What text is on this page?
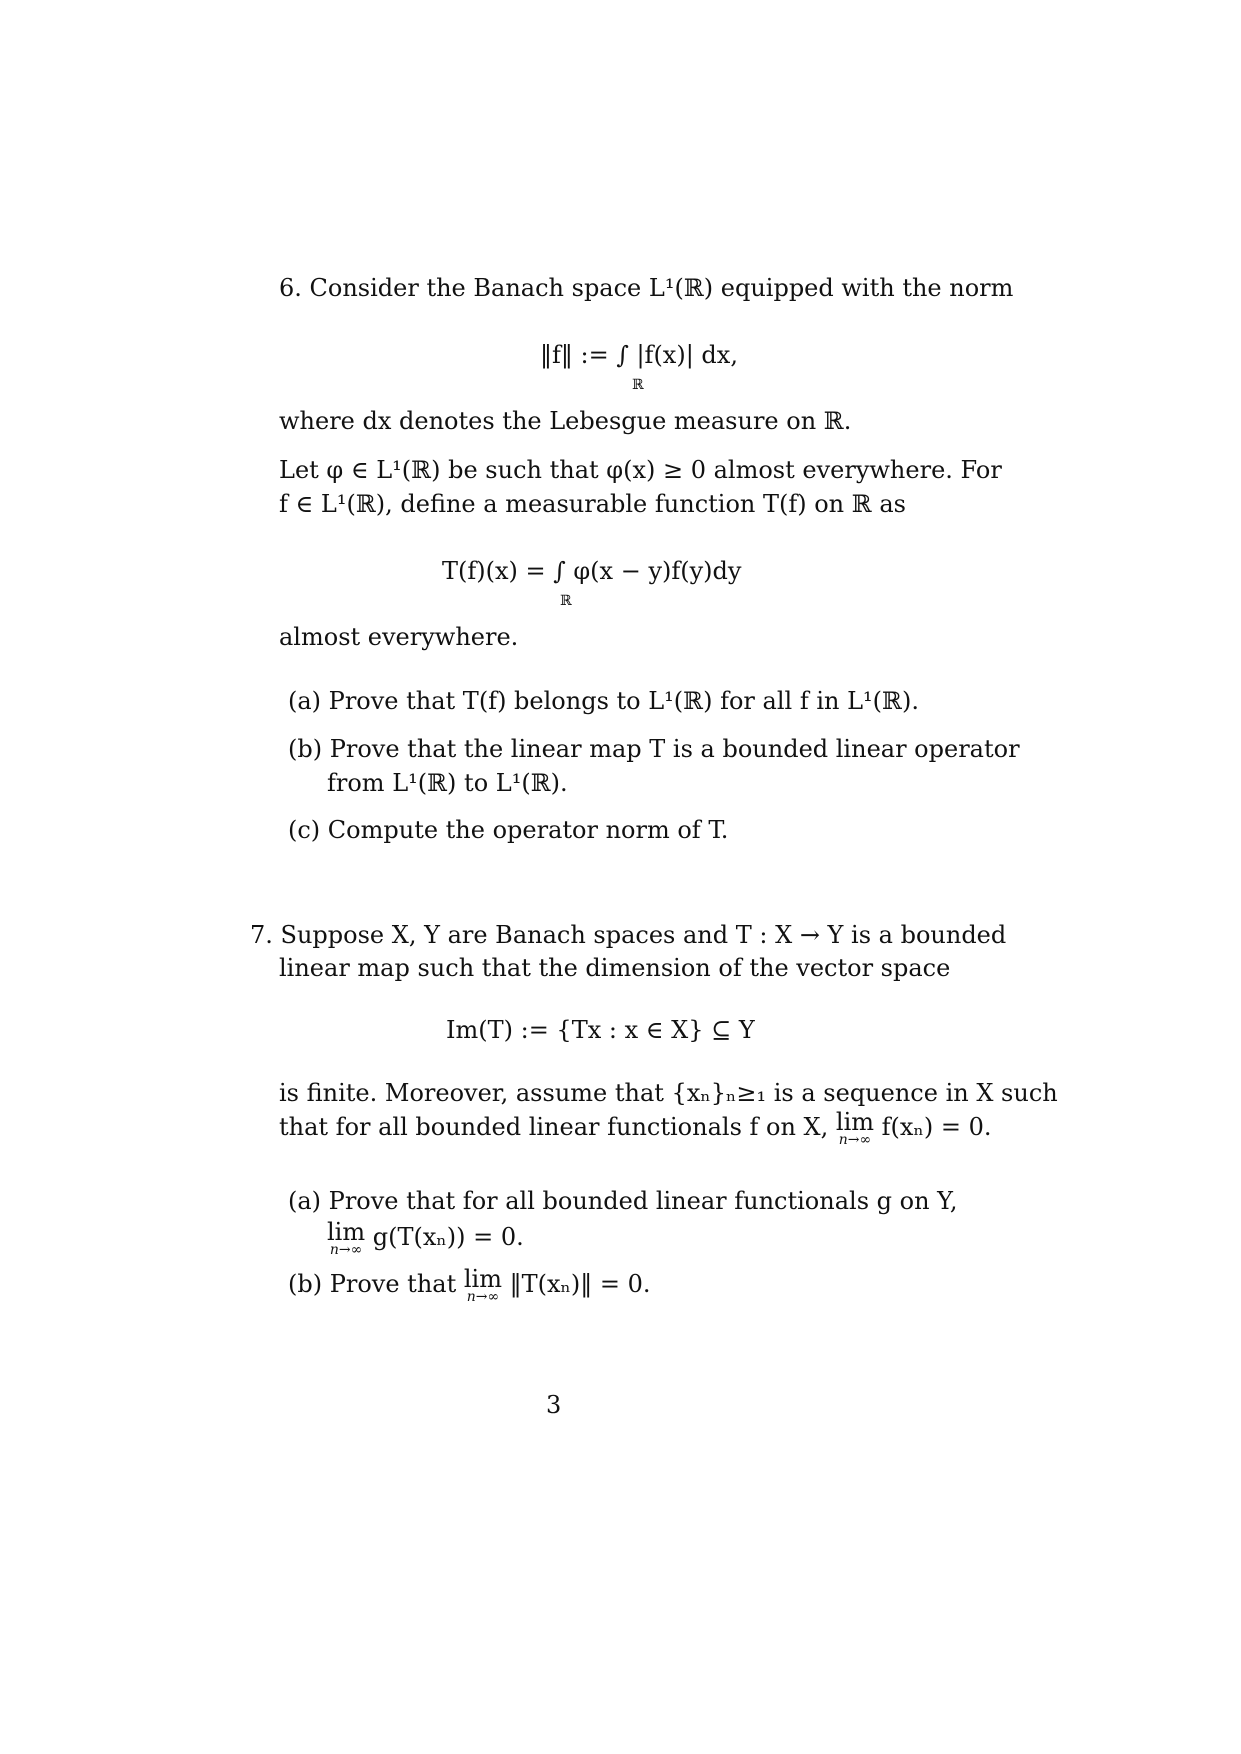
6. Consider the Banach space L¹(ℝ) equipped with the norm
‖f‖ := ∫ |f(x)| dx,
ℝ
where dx denotes the Lebesgue measure on ℝ.
Let φ ∈ L¹(ℝ) be such that φ(x) ≥ 0 almost everywhere. For
f ∈ L¹(ℝ), define a measurable function T(f) on ℝ as
T(f)(x) = ∫ φ(x − y)f(y)dy
ℝ
almost everywhere.
(a) Prove that T(f) belongs to L¹(ℝ) for all f in L¹(ℝ).
(b) Prove that the linear map T is a bounded linear operator
from L¹(ℝ) to L¹(ℝ).
(c) Compute the operator norm of T.
7. Suppose X, Y are Banach spaces and T : X → Y is a bounded
linear map such that the dimension of the vector space
Im(T) := {Tx : x ∈ X} ⊆ Y
is finite. Moreover, assume that {xₙ}ₙ≥₁ is a sequence in X such
that for all bounded linear functionals f on X, lim
n→∞ f(xₙ) = 0.
(a) Prove that for all bounded linear functionals g on Y,
lim
n→∞ g(T(xₙ)) = 0.
(b) Prove that lim
n→∞ ‖T(xₙ)‖ = 0.
3
